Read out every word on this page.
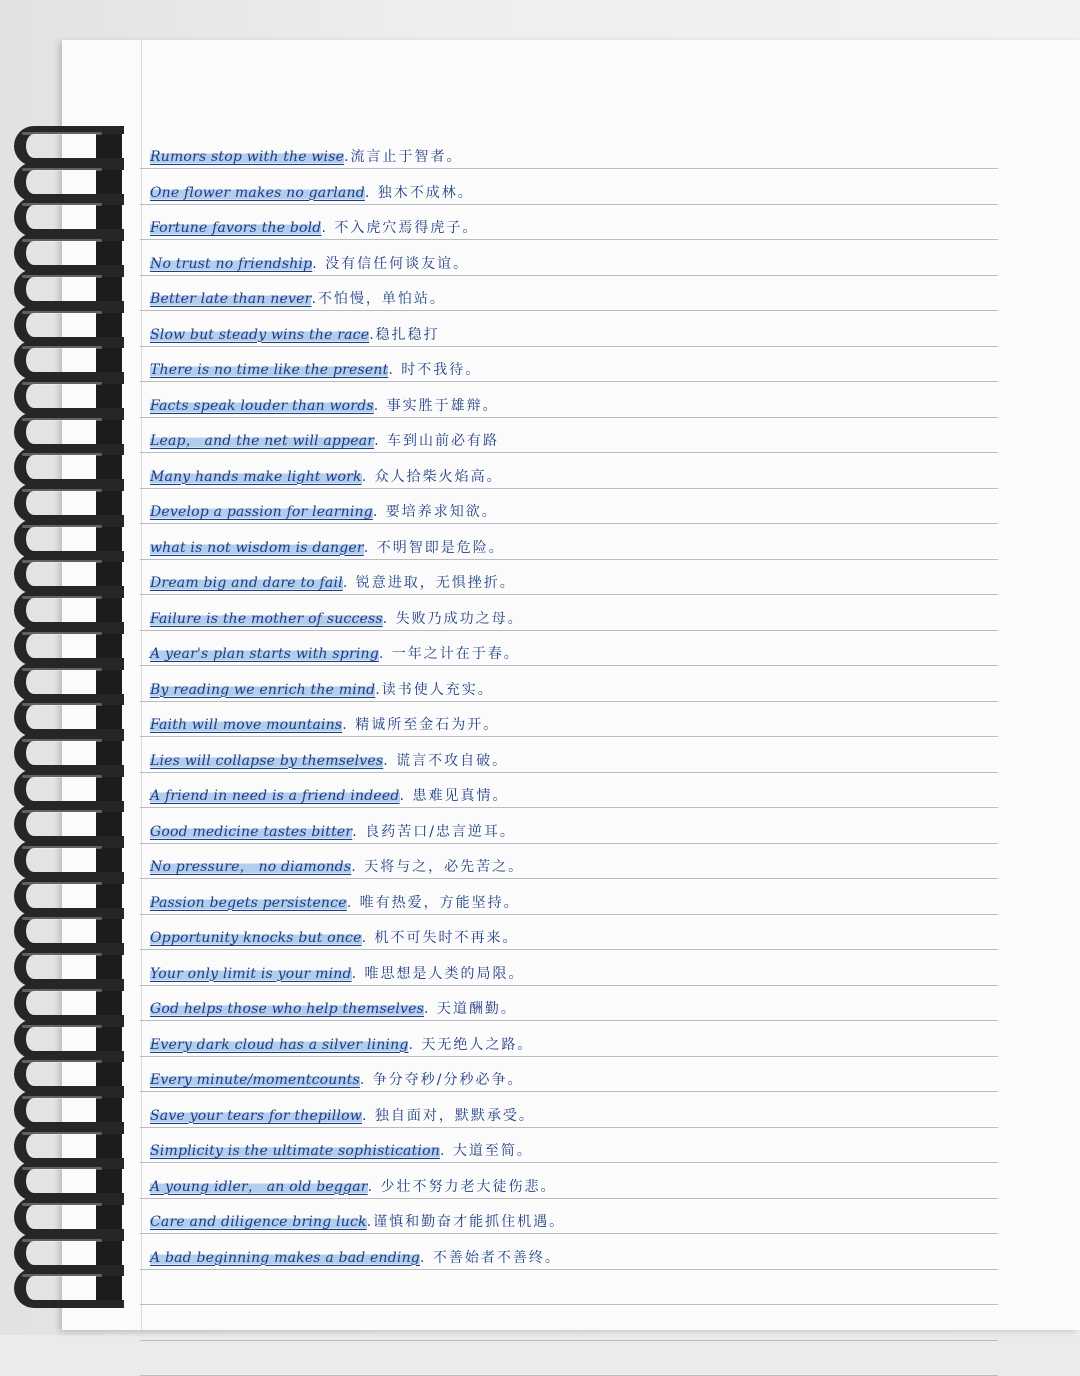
Rumors stop with the wise.流言止于智者。
One flower makes no garland. 独木不成林。
Fortune favors the bold. 不入虎穴焉得虎子。
No trust no friendship. 没有信任何谈友谊。
Better late than never.不怕慢，单怕站。
Slow but steady wins the race.稳扎稳打
There is no time like the present. 时不我待。
Facts speak louder than words. 事实胜于雄辩。
Leap， and the net will appear. 车到山前必有路
Many hands make light work. 众人拾柴火焰高。
Develop a passion for learning. 要培养求知欲。
what is not wisdom is danger. 不明智即是危险。
Dream big and dare to fail. 锐意进取，无惧挫折。
Failure is the mother of success. 失败乃成功之母。
A year's plan starts with spring. 一年之计在于春。
By reading we enrich the mind.读书使人充实。
Faith will move mountains. 精诚所至金石为开。
Lies will collapse by themselves. 谎言不攻自破。
A friend in need is a friend indeed. 患难见真情。
Good medicine tastes bitter. 良药苦口/忠言逆耳。
No pressure， no diamonds. 天将与之，必先苦之。
Passion begets persistence. 唯有热爱，方能坚持。
Opportunity knocks but once. 机不可失时不再来。
Your only limit is your mind. 唯思想是人类的局限。
God helps those who help themselves. 天道酬勤。
Every dark cloud has a silver lining. 天无绝人之路。
Every minute/momentcounts. 争分夺秒/分秒必争。
Save your tears for thepillow. 独自面对，默默承受。
Simplicity is the ultimate sophistication. 大道至简。
A young idler， an old beggar. 少壮不努力老大徒伤悲。
Care and diligence bring luck.谨慎和勤奋才能抓住机遇。
A bad beginning makes a bad ending. 不善始者不善终。
